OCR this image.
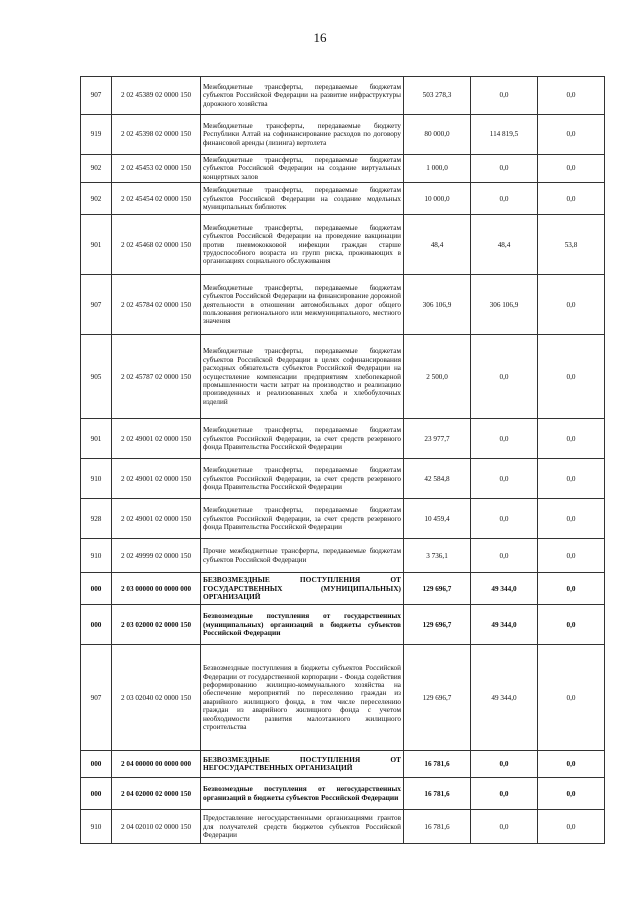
16
907	2 02 45389 02 0000 150	Межбюджетные трансферты, передаваемые бюджетам субъектов Российской Федерации на развитие инфраструктуры дорожного хозяйства	503 278,3	0,0	0,0
919	2 02 45398 02 0000 150	Межбюджетные трансферты, передаваемые бюджету Республики Алтай на софинансирование расходов по договору финансовой аренды (лизинга) вертолета	80 000,0	114 819,5	0,0
902	2 02 45453 02 0000 150	Межбюджетные трансферты, передаваемые бюджетам субъектов Российской Федерации на создание виртуальных концертных залов	1 000,0	0,0	0,0
902	2 02 45454 02 0000 150	Межбюджетные трансферты, передаваемые бюджетам субъектов Российской Федерации на создание модельных муниципальных библиотек	10 000,0	0,0	0,0
901	2 02 45468 02 0000 150	Межбюджетные трансферты, передаваемые бюджетам субъектов Российской Федерации на проведение вакцинации против пневмококковой инфекции граждан старше трудоспособного возраста из групп риска, проживающих в организациях социального обслуживания	48,4	48,4	53,8
907	2 02 45784 02 0000 150	Межбюджетные трансферты, передаваемые бюджетам субъектов Российской Федерации на финансирование дорожной деятельности в отношении автомобильных дорог общего пользования регионального или межмуниципального, местного значения	306 106,9	306 106,9	0,0
905	2 02 45787 02 0000 150	Межбюджетные трансферты, передаваемые бюджетам субъектов Российской Федерации в целях софинансирования расходных обязательств субъектов Российской Федерации на осуществление компенсации предприятиям хлебопекарной промышленности части затрат на производство и реализацию произведенных и реализованных хлеба и хлебобулочных изделий	2 500,0	0,0	0,0
901	2 02 49001 02 0000 150	Межбюджетные трансферты, передаваемые бюджетам субъектов Российской Федерации, за счет средств резервного фонда Правительства Российской Федерации	23 977,7	0,0	0,0
910	2 02 49001 02 0000 150	Межбюджетные трансферты, передаваемые бюджетам субъектов Российской Федерации, за счет средств резервного фонда Правительства Российской Федерации	42 584,8	0,0	0,0
928	2 02 49001 02 0000 150	Межбюджетные трансферты, передаваемые бюджетам субъектов Российской Федерации, за счет средств резервного фонда Правительства Российской Федерации	10 459,4	0,0	0,0
910	2 02 49999 02 0000 150	Прочие межбюджетные трансферты, передаваемые бюджетам субъектов Российской Федерации	3 736,1	0,0	0,0
000	2 03 00000 00 0000 000	БЕЗВОЗМЕЗДНЫЕ ПОСТУПЛЕНИЯ ОТ ГОСУДАРСТВЕННЫХ (МУНИЦИПАЛЬНЫХ) ОРГАНИЗАЦИЙ	129 696,7	49 344,0	0,0
000	2 03 02000 02 0000 150	Безвозмездные поступления от государственных (муниципальных) организаций в бюджеты субъектов Российской Федерации	129 696,7	49 344,0	0,0
907	2 03 02040 02 0000 150	Безвозмездные поступления в бюджеты субъектов Российской Федерации от государственной корпорации - Фонда содействия реформированию жилищно-коммунального хозяйства на обеспечение мероприятий по переселению граждан из аварийного жилищного фонда, в том числе переселению граждан из аварийного жилищного фонда с учетом необходимости развития малоэтажного жилищного строительства	129 696,7	49 344,0	0,0
000	2 04 00000 00 0000 000	БЕЗВОЗМЕЗДНЫЕ ПОСТУПЛЕНИЯ ОТ НЕГОСУДАРСТВЕННЫХ ОРГАНИЗАЦИЙ	16 781,6	0,0	0,0
000	2 04 02000 02 0000 150	Безвозмездные поступления от негосударственных организаций в бюджеты субъектов Российской Федерации	16 781,6	0,0	0,0
910	2 04 02010 02 0000 150	Предоставление негосударственными организациями грантов для получателей средств бюджетов субъектов Российской Федерации	16 781,6	0,0	0,0
